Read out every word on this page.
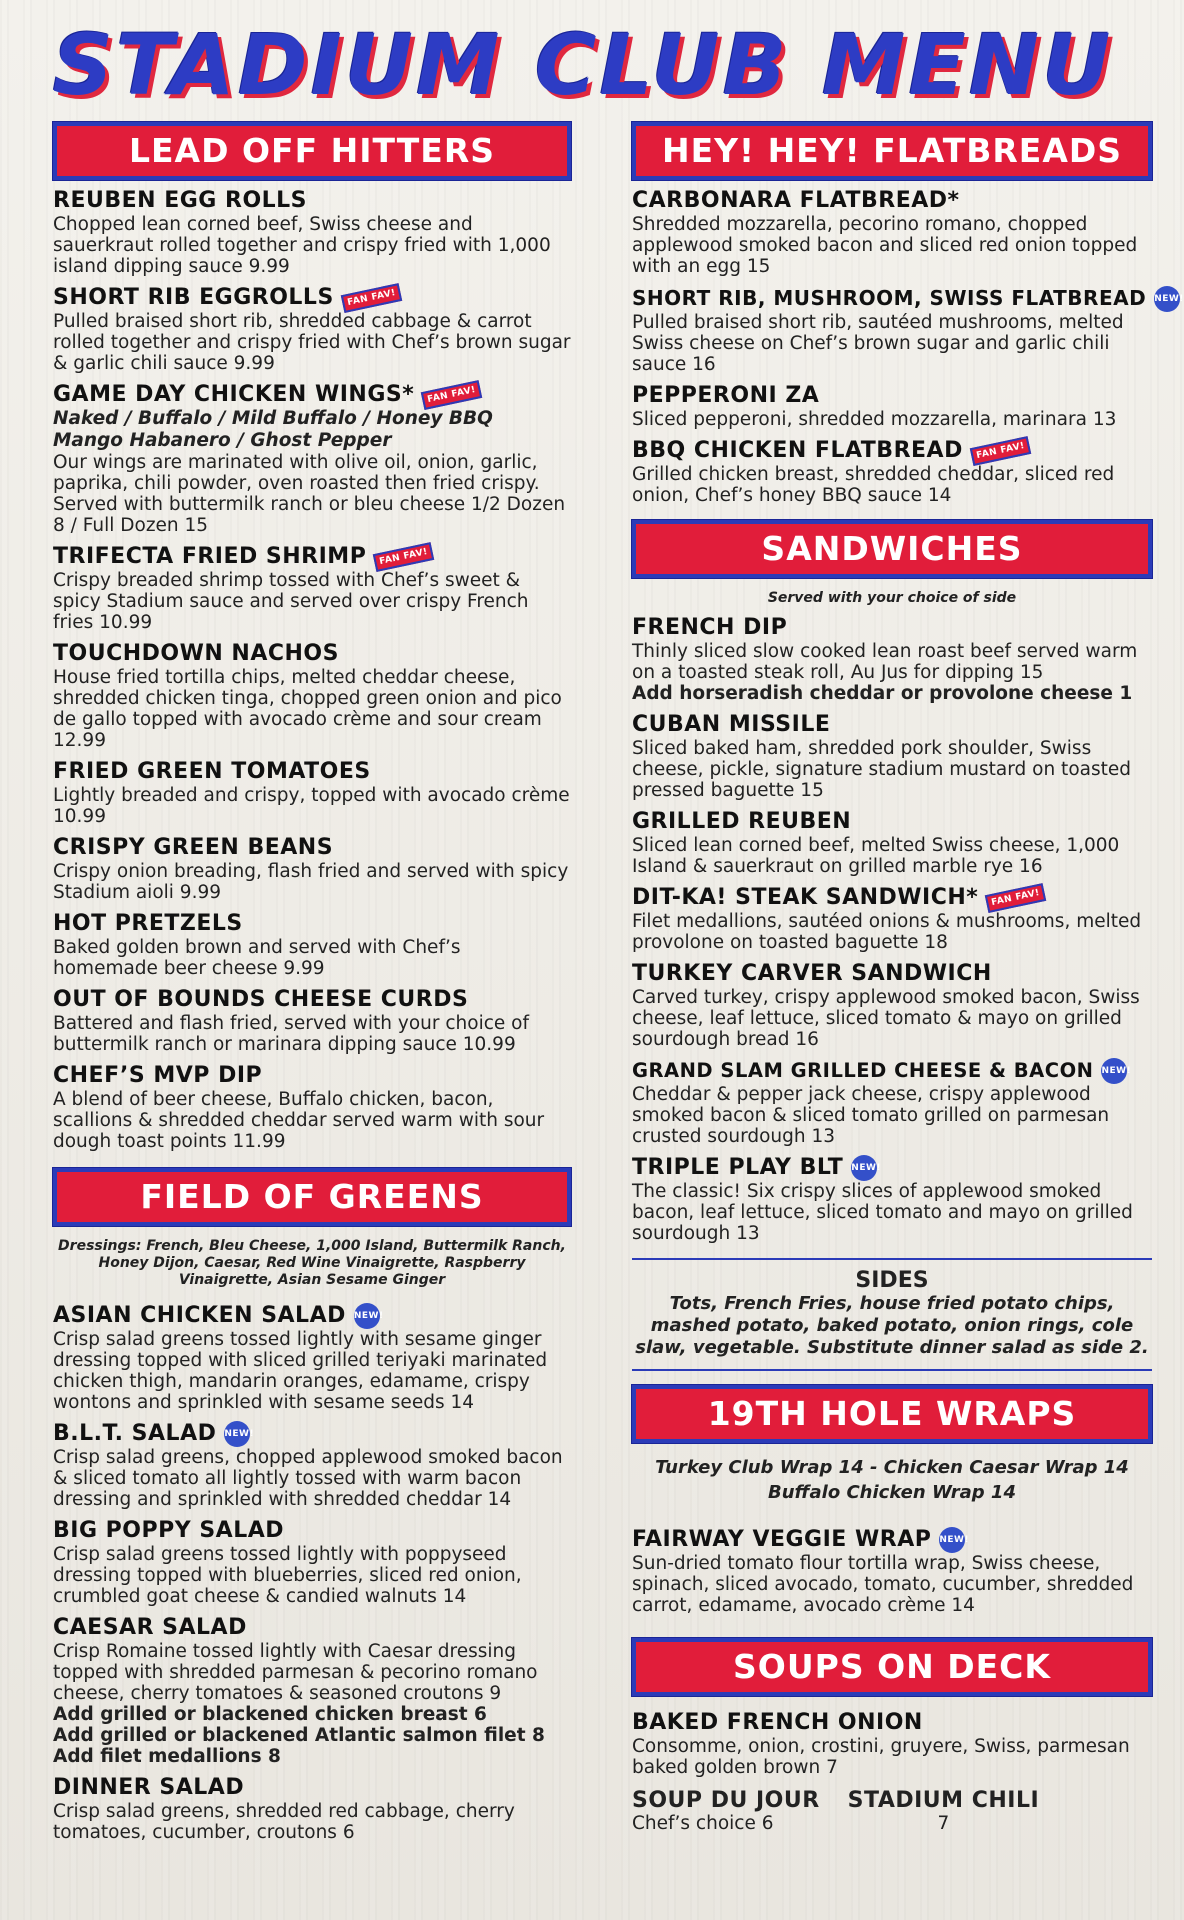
STADIUM CLUB MENU
LEAD OFF HITTERS
REUBEN EGG ROLLS
Chopped lean corned beef, Swiss cheese and sauerkraut rolled together and crispy fried with 1,000 island dipping sauce 9.99
SHORT RIB EGGROLLS FAN FAV!
Pulled braised short rib, shredded cabbage & carrot rolled together and crispy fried with Chef’s brown sugar & garlic chili sauce 9.99
GAME DAY CHICKEN WINGS* FAN FAV!
Naked / Buffalo / Mild Buffalo / Honey BBQ
Mango Habanero / Ghost Pepper
Our wings are marinated with olive oil, onion, garlic, paprika, chili powder, oven roasted then fried crispy. Served with buttermilk ranch or bleu cheese 1/2 Dozen 8 / Full Dozen 15
TRIFECTA FRIED SHRIMP FAN FAV!
Crispy breaded shrimp tossed with Chef’s sweet & spicy Stadium sauce and served over crispy French fries 10.99
TOUCHDOWN NACHOS
House fried tortilla chips, melted cheddar cheese, shredded chicken tinga, chopped green onion and pico de gallo topped with avocado crème and sour cream 12.99
FRIED GREEN TOMATOES
Lightly breaded and crispy, topped with avocado crème 10.99
CRISPY GREEN BEANS
Crispy onion breading, flash fried and served with spicy Stadium aioli 9.99
HOT PRETZELS
Baked golden brown and served with Chef’s homemade beer cheese 9.99
OUT OF BOUNDS CHEESE CURDS
Battered and flash fried, served with your choice of buttermilk ranch or marinara dipping sauce 10.99
CHEF’S MVP DIP
A blend of beer cheese, Buffalo chicken, bacon, scallions & shredded cheddar served warm with sour dough toast points 11.99
FIELD OF GREENS
Dressings: French, Bleu Cheese, 1,000 Island, Buttermilk Ranch, Honey Dijon, Caesar, Red Wine Vinaigrette, Raspberry Vinaigrette, Asian Sesame Ginger
ASIAN CHICKEN SALAD NEW!
Crisp salad greens tossed lightly with sesame ginger dressing topped with sliced grilled teriyaki marinated chicken thigh, mandarin oranges, edamame, crispy wontons and sprinkled with sesame seeds 14
B.L.T. SALAD NEW!
Crisp salad greens, chopped applewood smoked bacon & sliced tomato all lightly tossed with warm bacon dressing and sprinkled with shredded cheddar 14
BIG POPPY SALAD
Crisp salad greens tossed lightly with poppyseed dressing topped with blueberries, sliced red onion, crumbled goat cheese & candied walnuts 14
CAESAR SALAD
Crisp Romaine tossed lightly with Caesar dressing topped with shredded parmesan & pecorino romano cheese, cherry tomatoes & seasoned croutons 9
Add grilled or blackened chicken breast 6
Add grilled or blackened Atlantic salmon filet 8
Add filet medallions 8
DINNER SALAD
Crisp salad greens, shredded red cabbage, cherry tomatoes, cucumber, croutons 6
HEY! HEY! FLATBREADS
CARBONARA FLATBREAD*
Shredded mozzarella, pecorino romano, chopped applewood smoked bacon and sliced red onion topped with an egg 15
SHORT RIB, MUSHROOM, SWISS FLATBREAD NEW!
Pulled braised short rib, sautéed mushrooms, melted Swiss cheese on Chef’s brown sugar and garlic chili sauce 16
PEPPERONI ZA
Sliced pepperoni, shredded mozzarella, marinara 13
BBQ CHICKEN FLATBREAD FAN FAV!
Grilled chicken breast, shredded cheddar, sliced red onion, Chef’s honey BBQ sauce 14
SANDWICHES
Served with your choice of side
FRENCH DIP
Thinly sliced slow cooked lean roast beef served warm on a toasted steak roll, Au Jus for dipping 15
Add horseradish cheddar or provolone cheese 1
CUBAN MISSILE
Sliced baked ham, shredded pork shoulder, Swiss cheese, pickle, signature stadium mustard on toasted pressed baguette 15
GRILLED REUBEN
Sliced lean corned beef, melted Swiss cheese, 1,000 Island & sauerkraut on grilled marble rye 16
DIT-KA! STEAK SANDWICH* FAN FAV!
Filet medallions, sautéed onions & mushrooms, melted provolone on toasted baguette 18
TURKEY CARVER SANDWICH
Carved turkey, crispy applewood smoked bacon, Swiss cheese, leaf lettuce, sliced tomato & mayo on grilled sourdough bread 16
GRAND SLAM GRILLED CHEESE & BACON NEW!
Cheddar & pepper jack cheese, crispy applewood smoked bacon & sliced tomato grilled on parmesan crusted sourdough 13
TRIPLE PLAY BLT NEW!
The classic! Six crispy slices of applewood smoked bacon, leaf lettuce, sliced tomato and mayo on grilled sourdough 13
SIDES
Tots, French Fries, house fried potato chips, mashed potato, baked potato, onion rings, cole slaw, vegetable. Substitute dinner salad as side 2.
19TH HOLE WRAPS
Turkey Club Wrap 14 - Chicken Caesar Wrap 14
Buffalo Chicken Wrap 14
FAIRWAY VEGGIE WRAP NEW!
Sun-dried tomato flour tortilla wrap, Swiss cheese, spinach, sliced avocado, tomato, cucumber, shredded carrot, edamame, avocado crème 14
SOUPS ON DECK
BAKED FRENCH ONION
Consomme, onion, crostini, gruyere, Swiss, parmesan baked golden brown 7
SOUP DU JOUR
Chef’s choice 6
STADIUM CHILI
7
